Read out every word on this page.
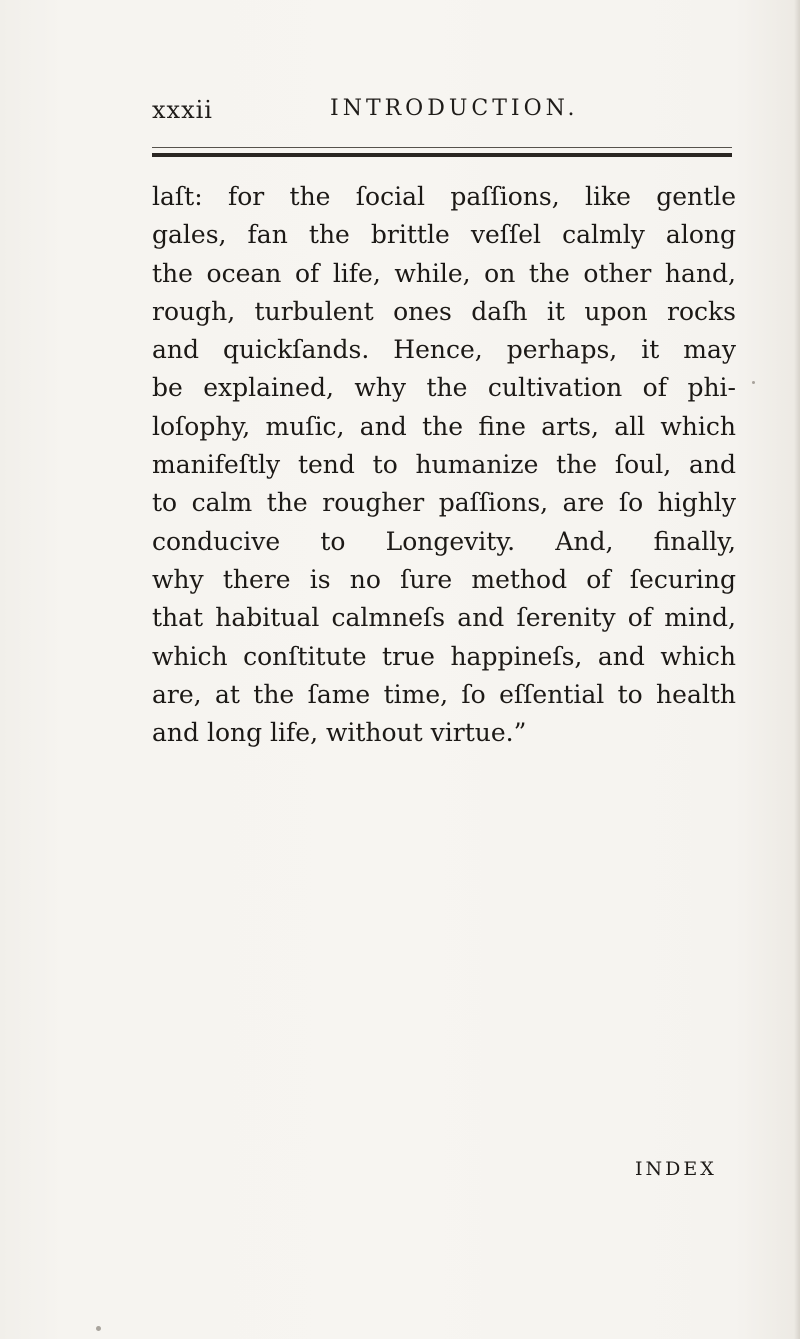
xxxii	INTRODUCTION.
laſt: for the ſocial paſſions, like gentle
gales, fan the brittle veſſel calmly along
the ocean of life, while, on the other hand,
rough, turbulent ones daſh it upon rocks
and quickſands. Hence, perhaps, it may
be explained, why the cultivation of phi-
loſophy, muſic, and the fine arts, all which
manifeſtly tend to humanize the ſoul, and
to calm the rougher paſſions, are ſo highly
conducive to Longevity. And, finally,
why there is no ſure method of ſecuring
that habitual calmneſs and ſerenity of mind,
which conſtitute true happineſs, and which
are, at the ſame time, ſo eſſential to health
and long life, without virtue.”
INDEX
